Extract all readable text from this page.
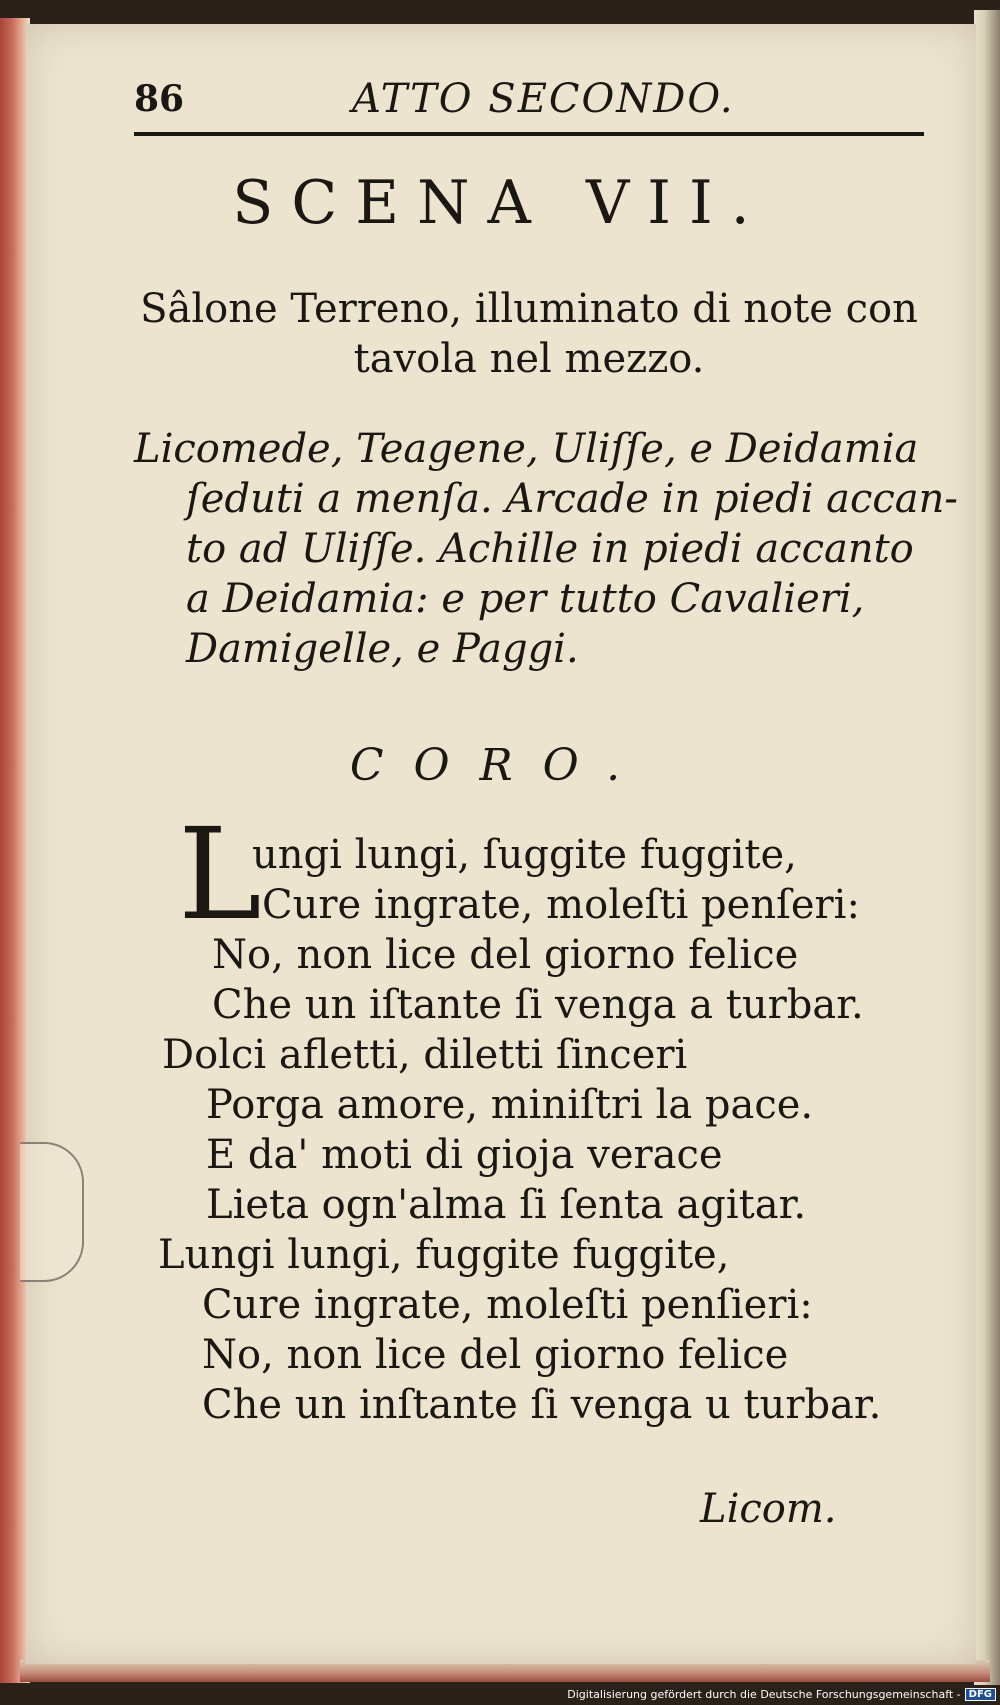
86	ATTO SECONDO.
SCENA VII.
Sâlone Terreno, illuminato di note con
tavola nel mezzo.
Licomede, Teagene, Uliſſe, e Deidamia
ſeduti a menſa. Arcade in piedi accan-
to ad Uliſſe. Achille in piedi accanto
a Deidamia: e per tutto Cavalieri,
Damigelle, e Paggi.
CORO.
L
ungi lungi, ſuggite fuggite,
Cure ingrate, moleſti penſeri:
No, non lice del giorno felice
Che un iſtante ſi venga a turbar.
Dolci afletti, diletti ſinceri
Porga amore, miniſtri la pace.
E da' moti di gioja verace
Lieta ogn'alma ſi ſenta agitar.
Lungi lungi, fuggite fuggite,
Cure ingrate, moleſti penſieri:
No, non lice del giorno felice
Che un inſtante ſi venga u turbar.
Licom.
Digitalisierung gefördert durch die Deutsche Forschungsgemeinschaft - DFG
